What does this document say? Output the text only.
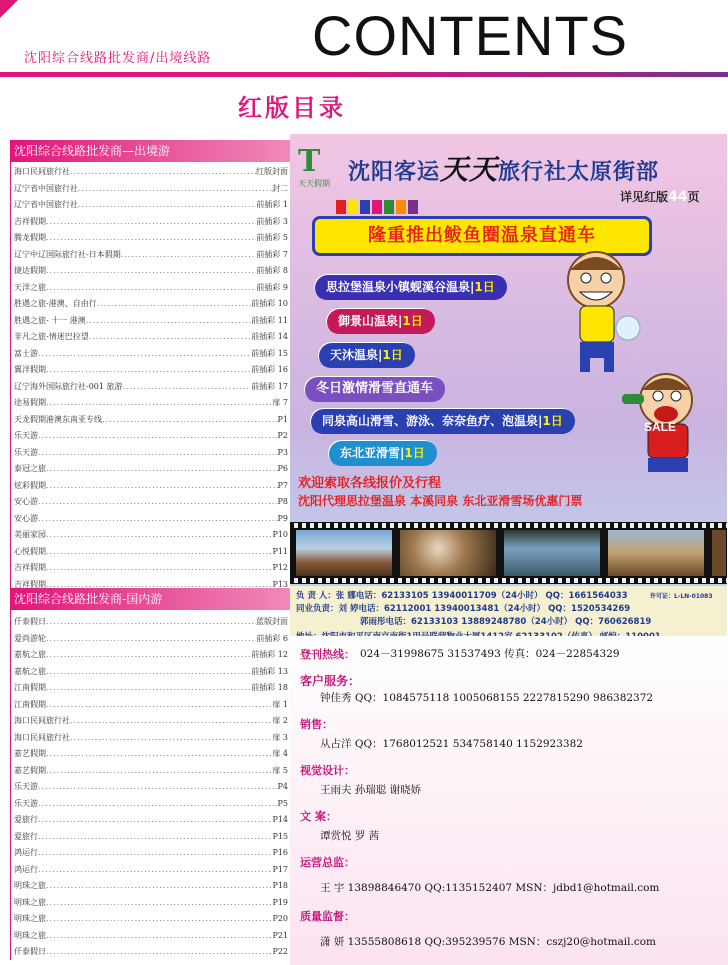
CONTENTS
沈阳综合线路批发商/出境线路
红版目录
沈阳综合线路批发商—出境游
海口民间旅行社 .....	红版封面
辽宁省中国旅行社 .....	封二
辽宁省中国旅行社 .....	前插彩 1
吉祥假期 .....	前插彩 3
腾龙假期 .....	前插彩 5
辽宁中辽国际旅行社-日本假期 .....	前插彩 7
捷达假期 .....	前插彩 8
天洋之旅 .....	前插彩 9
胜遇之旅-港澳、自由行 .....	前插彩 10
胜遇之旅- 十一 港澳 .....	前插彩 11
非凡之旅-情迷巴拉望 .....	前插彩 14
富士游 .....	前插彩 15
翼洋假期 .....	前插彩 16
辽宁海外国际旅行社-001 旅游 .....	前插彩 17
途易假期 .....	扉 7
天龙假期港澳东南亚专线 .....	P1
乐天游 .....	P2
乐天游 .....	P3
泰冠之旅 .....	P6
炫彩假期 .....	P7
安心游 .....	P8
安心游 .....	P9
美丽家园 .....	P10
心悦假期 .....	P11
吉祥假期 .....	P12
吉祥假期 .....	P13
沈阳综合线路批发商-国内游
仟泰假日 .....	蓝版封面
爱尚游轮 .....	前插彩 6
嘉航之旅 .....	前插彩 12
嘉航之旅 .....	前插彩 13
江南假期 .....	前插彩 18
江南假期 .....	扉 1
海口民间旅行社 .....	扉 2
海口民间旅行社 .....	扉 3
嘉艺假期 .....	扉 4
嘉艺假期 .....	扉 5
乐天游 .....	P4
乐天游 .....	P5
爱旅行 .....	P14
爱旅行 .....	P15
鸿运行 .....	P16
鸿运行 .....	P17
明珠之旅 .....	P18
明珠之旅 .....	P19
明珠之旅 .....	P20
明珠之旅 .....	P21
仟泰假日 .....	P22
T
天天假期 沈阳客运天天旅行社太原街部
详见红版44页
隆重推出鲅鱼圈温泉直通车
思拉堡温泉小镇蚬溪谷温泉|1日
御景山温泉|1日
天沐温泉|1日
冬日激情滑雪直通车
同泉高山滑雪、游泳、奈奈鱼疗、泡温泉|1日
东北亚滑雪|1日
SALE
欢迎索取各线报价及行程
沈阳代理思拉堡温泉 本溪同泉 东北亚滑雪场优惠门票
负 责 人：张 娜电话：62133105 13940011709（24小时） QQ：1661564033
同业负责：刘 婷电话：62112001 13940013481（24小时） QQ：1520534269
郭雨彤电话：62133103 13889248780（24小时） QQ：760626819
许可证：L-LN-01083
登刊热线： 024－31998675 31537493 传真：024－22854329
客户服务：
钟佳秀 QQ：1084575118 1005068155 2227815290 986382372
销售：
从占洋 QQ：1768012521 534758140 1152923382
视觉设计：
王雨夫 孙瑞聪 谢晓娇
文 案：
谭赏悦 罗 茜
运营总监：
王 宇 13898846470 QQ:1135152407 MSN：jdbd1@hotmail.com
质量监督：
潇 妍 13555808618 QQ:395239576 MSN：cszj20@hotmail.com
